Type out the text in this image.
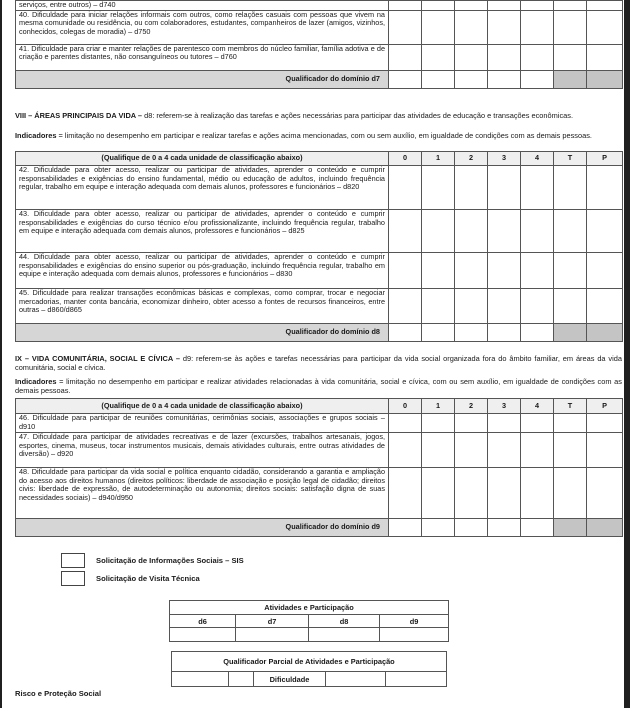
serviços, entre outros) – d740							
40. Dificuldade para iniciar relações informais com outros, como relações casuais com pessoas que vivem na mesma comunidade ou residência, ou com colaboradores, estudantes, companheiros de lazer (amigos, vizinhos, conhecidos, colegas de moradia) – d750							
41. Dificuldade para criar e manter relações de parentesco com membros do núcleo familiar, família adotiva e de criação e parentes distantes, não consanguíneos ou tutores – d760							
Qualificador do domínio d7							
VIII – ÁREAS PRINCIPAIS DA VIDA – d8: referem-se à realização das tarefas e ações necessárias para participar das atividades de educação e transações econômicas.
Indicadores = limitação no desempenho em participar e realizar tarefas e ações acima mencionadas, com ou sem auxílio, em igualdade de condições com as demais pessoas.
(Qualifique de 0 a 4 cada unidade de classificação abaixo)	0	1	2	3	4	T	P
42. Dificuldade para obter acesso, realizar ou participar de atividades, aprender o conteúdo e cumprir responsabilidades e exigências do ensino fundamental, médio ou educação de adultos, incluindo frequência regular, trabalho em equipe e interação adequada com demais alunos, professores e funcionários – d820							
43. Dificuldade para obter acesso, realizar ou participar de atividades, aprender o conteúdo e cumprir responsabilidades e exigências do curso técnico e/ou profissionalizante, incluindo frequência regular, trabalho em equipe e interação adequada com demais alunos, professores e funcionários – d825							
44. Dificuldade para obter acesso, realizar ou participar de atividades, aprender o conteúdo e cumprir responsabilidades e exigências do ensino superior ou pós-graduação, incluindo frequência regular, trabalho em equipe e interação adequada com demais alunos, professores e funcionários – d830							
45. Dificuldade para realizar transações econômicas básicas e complexas, como comprar, trocar e negociar mercadorias, manter conta bancária, economizar dinheiro, obter acesso a fontes de recursos financeiros, entre outras – d860/d865							
Qualificador do domínio d8							
IX – VIDA COMUNITÁRIA, SOCIAL E CÍVICA – d9: referem-se às ações e tarefas necessárias para participar da vida social organizada fora do âmbito familiar, em áreas da vida comunitária, social e cívica.
Indicadores = limitação no desempenho em participar e realizar atividades relacionadas à vida comunitária, social e cívica, com ou sem auxílio, em igualdade de condições com as demais pessoas.
(Qualifique de 0 a 4 cada unidade de classificação abaixo)	0	1	2	3	4	T	P
46. Dificuldade para participar de reuniões comunitárias, cerimônias sociais, associações e grupos sociais – d910							
47. Dificuldade para participar de atividades recreativas e de lazer (excursões, trabalhos artesanais, jogos, esportes, cinema, museus, tocar instrumentos musicais, demais atividades culturais, entre outras atividades de diversão) – d920							
48. Dificuldade para participar da vida social e política enquanto cidadão, considerando a garantia e ampliação do acesso aos direitos humanos (direitos políticos: liberdade de associação e posição legal de cidadão; direitos civis: liberdade de expressão, de autodeterminação ou autonomia; direitos sociais: satisfação digna de suas necessidades sociais) – d940/d950							
Qualificador do domínio d9							
Solicitação de Informações Sociais – SIS
Solicitação de Visita Técnica
Atividades e Participação			
d6	d7	d8	d9

Qualificador Parcial de Atividades e Participação
		Dificuldade		
Risco e Proteção Social
